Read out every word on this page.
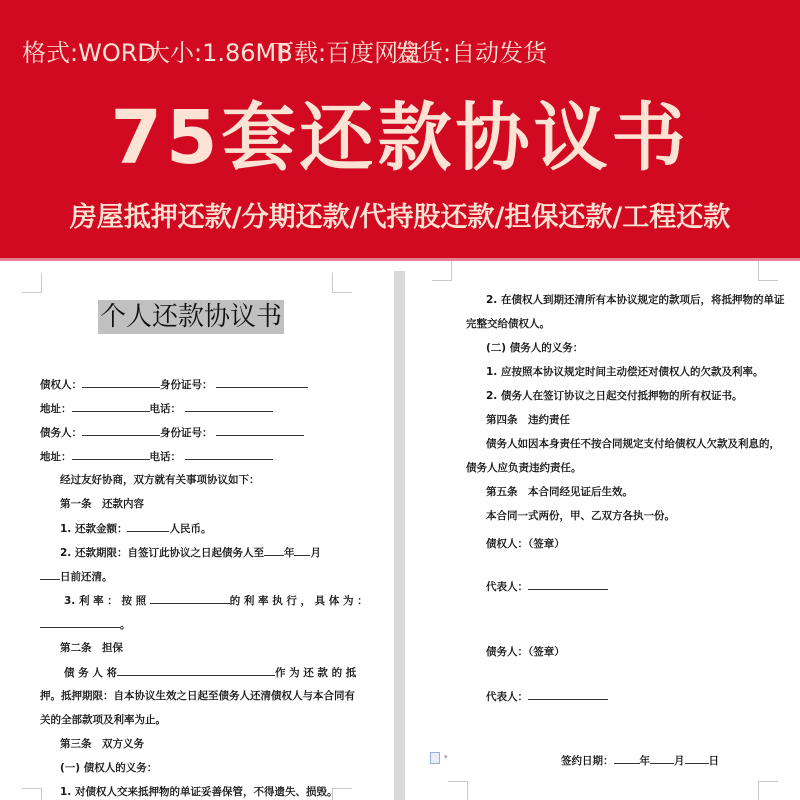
格式:WORD
大小:1.86MB
下载:百度网盘
发货:自动发货
75套还款协议书
房屋抵押还款/分期还款/代持股还款/担保还款/工程还款
个人还款协议书
债权人：	身份证号：
地址：	电话：
债务人：	身份证号：
地址：	电话：
经过友好协商，双方就有关事项协议如下：
第一条　还款内容
1. 还款金额：	人民币。
2. 还款期限：自签订此协议之日起债务人至 年 月
日前还清。
3. 利 率 ： 按 照	的 利 率 执 行 ， 具 体 为 ：
。
第二条　担保
债 务 人 将	作 为 还 款 的 抵
押。抵押期限：自本协议生效之日起至债务人还清债权人与本合同有
关的全部款项及利率为止。
第三条　双方义务
(一) 债权人的义务：
1. 对债权人交来抵押物的单证妥善保管，不得遗失、损毁。
2. 在债权人到期还清所有本协议规定的款项后，将抵押物的单证
完整交给债权人。
(二) 债务人的义务：
1. 应按照本协议规定时间主动偿还对债权人的欠款及利率。
2. 债务人在签订协议之日起交付抵押物的所有权证书。
第四条　违约责任
债务人如因本身责任不按合同规定支付给债权人欠款及利息的，
债务人应负责违约责任。
第五条　本合同经见证后生效。
本合同一式两份，甲、乙双方各执一份。
债权人：（签章）
代表人：
债务人：（签章）
代表人：
▾	签约日期： 年 月 日
